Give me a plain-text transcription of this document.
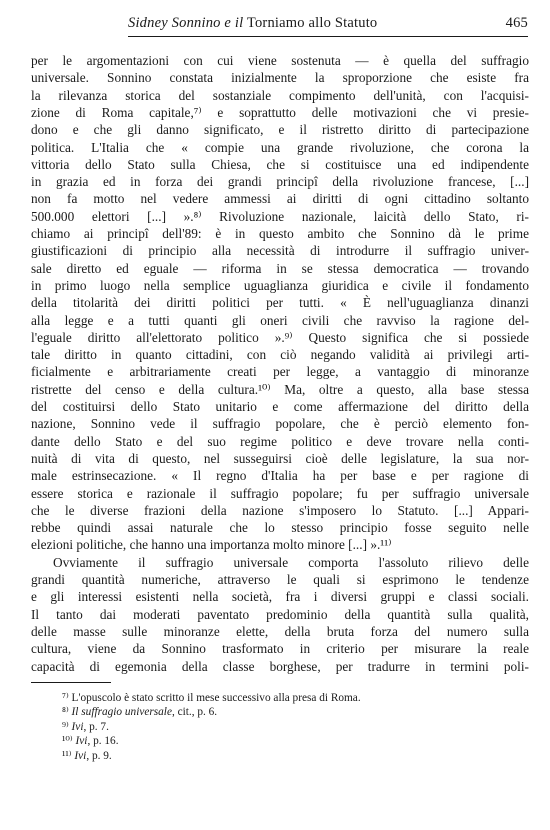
Sidney Sonnino e il Torniamo allo Statuto	465
per le argomentazioni con cui viene sostenuta — è quella del suffragio
universale. Sonnino constata inizialmente la sproporzione che esiste fra
la rilevanza storica del sostanziale compimento dell'unità, con l'acquisi-
zione di Roma capitale,⁷⁾ e soprattutto delle motivazioni che vi presie-
dono e che gli danno significato, e il ristretto diritto di partecipazione
politica. L'Italia che « compie una grande rivoluzione, che corona la
vittoria dello Stato sulla Chiesa, che si costituisce una ed indipendente
in grazia ed in forza dei grandi principî della rivoluzione francese, [...]
non fa motto nel vedere ammessi ai diritti di ogni cittadino soltanto
500.000 elettori [...] ».⁸⁾ Rivoluzione nazionale, laicità dello Stato, ri-
chiamo ai principî dell'89: è in questo ambito che Sonnino dà le prime
giustificazioni di principio alla necessità di introdurre il suffragio univer-
sale diretto ed eguale — riforma in se stessa democratica — trovando
in primo luogo nella semplice uguaglianza giuridica e civile il fondamento
della titolarità dei diritti politici per tutti. « È nell'uguaglianza dinanzi
alla legge e a tutti quanti gli oneri civili che ravviso la ragione del-
l'eguale diritto all'elettorato politico ».⁹⁾ Questo significa che si possiede
tale diritto in quanto cittadini, con ciò negando validità ai privilegi arti-
ficialmente e arbitrariamente creati per legge, a vantaggio di minoranze
ristrette del censo e della cultura.¹⁰⁾ Ma, oltre a questo, alla base stessa
del costituirsi dello Stato unitario e come affermazione del diritto della
nazione, Sonnino vede il suffragio popolare, che è perciò elemento fon-
dante dello Stato e del suo regime politico e deve trovare nella conti-
nuità di vita di questo, nel susseguirsi cioè delle legislature, la sua nor-
male estrinsecazione. « Il regno d'Italia ha per base e per ragione di
essere storica e razionale il suffragio popolare; fu per suffragio universale
che le diverse frazioni della nazione s'imposero lo Statuto. [...] Appari-
rebbe quindi assai naturale che lo stesso principio fosse seguito nelle
elezioni politiche, che hanno una importanza molto minore [...] ».¹¹⁾
Ovviamente il suffragio universale comporta l'assoluto rilievo delle
grandi quantità numeriche, attraverso le quali si esprimono le tendenze
e gli interessi esistenti nella società, fra i diversi gruppi e classi sociali.
Il tanto dai moderati paventato predominio della quantità sulla qualità,
delle masse sulle minoranze elette, della bruta forza del numero sulla
cultura, viene da Sonnino trasformato in criterio per misurare la reale
capacità di egemonia della classe borghese, per tradurre in termini poli-
⁷⁾ L'opuscolo è stato scritto il mese successivo alla presa di Roma.
⁸⁾ Il suffragio universale, cit., p. 6.
⁹⁾ Ivi, p. 7.
¹⁰⁾ Ivi, p. 16.
¹¹⁾ Ivi, p. 9.
